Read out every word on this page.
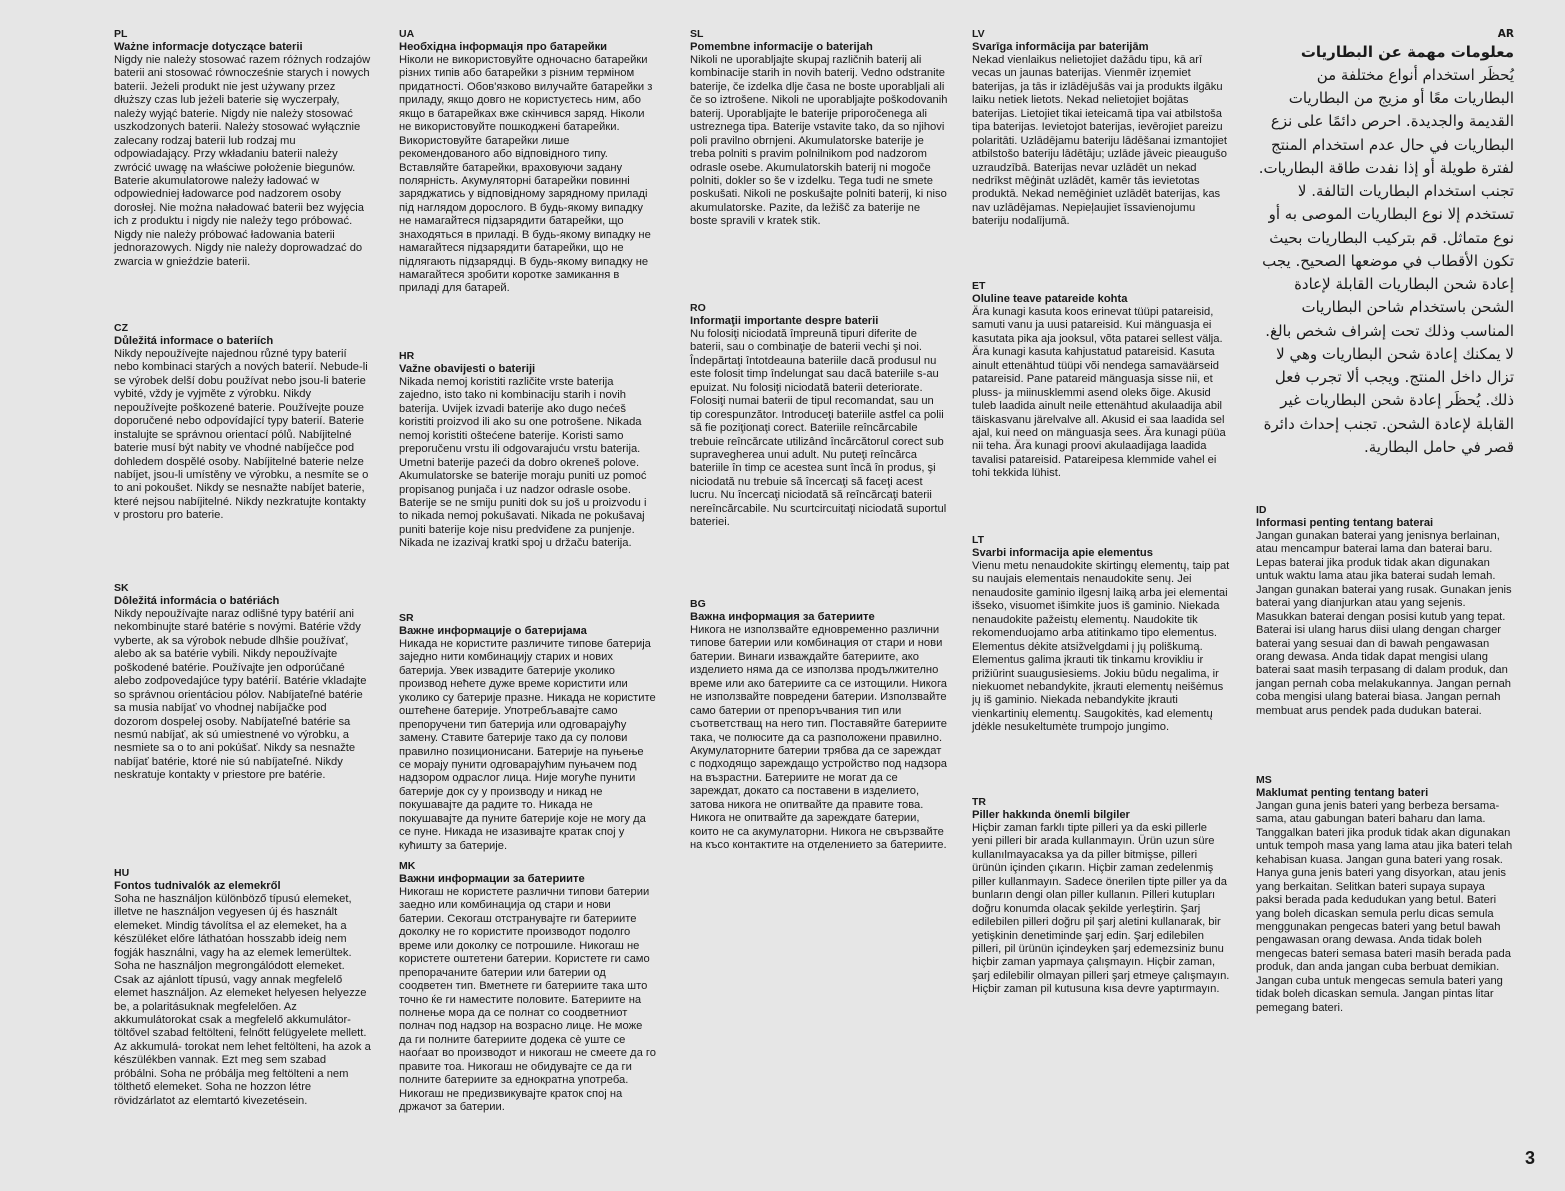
PL

Ważne informacje dotyczące baterii

Nigdy nie należy stosować razem różnych rodzajów baterii ani stosować równocześnie starych i nowych baterii. Jeżeli produkt nie jest używany przez dłuższy czas lub jeżeli baterie się wyczerpały, należy wyjąć baterie. Nigdy nie należy stosować uszkodzonych baterii. Należy stosować wyłącznie zalecany rodzaj baterii lub rodzaj mu odpowiadający. Przy wkładaniu baterii należy zwrócić uwagę na właściwe położenie biegunów. Baterie akumulatorowe należy ładować w odpowiedniej ładowarce pod nadzorem osoby dorosłej. Nie można naładować baterii bez wyjęcia ich z produktu i nigdy nie należy tego próbować. Nigdy nie należy próbować ładowania baterii jednorazowych. Nigdy nie należy doprowadzać do zwarcia w gnieździe baterii.

CZ

Důležitá informace o bateriích

Nikdy nepoužívejte najednou různé typy baterií nebo kombinaci starých a nových baterií. Nebude-li se výrobek delší dobu používat nebo jsou-li baterie vybité, vždy je vyjměte z výrobku. Nikdy nepoužívejte poškozené baterie. Používejte pouze doporučené nebo odpovídající typy baterií. Baterie instalujte se správnou orientací pólů. Nabíjitelné baterie musí být nabity ve vhodné nabíječce pod dohledem dospělé osoby. Nabíjitelné baterie nelze nabíjet, jsou-li umístěny ve výrobku, a nesmíte se o to ani pokoušet. Nikdy se nesnažte nabíjet baterie, které nejsou nabíjitelné. Nikdy nezkratujte kontakty v prostoru pro baterie.

SK

Dôležitá informácia o batériách

Nikdy nepoužívajte naraz odlišné typy batérií ani nekombinujte staré batérie s novými. Batérie vždy vyberte, ak sa výrobok nebude dlhšie používať, alebo ak sa batérie vybili. Nikdy nepoužívajte poškodené batérie. Používajte jen odporúčané alebo zodpovedajúce typy batérií. Batérie vkladajte so správnou orientáciou pólov. Nabíjateľné batérie sa musia nabíjať vo vhodnej nabíjačke pod dozorom dospelej osoby. Nabíjateľné batérie sa nesmú nabíjať, ak sú umiestnené vo výrobku, a nesmiete sa o to ani pokúšať. Nikdy sa nesnažte nabíjať batérie, ktoré nie sú nabíjateľné. Nikdy neskratuje kontakty v priestore pre batérie.

HU

Fontos tudnivalók az elemekről

Soha ne használjon különböző típusú elemeket, illetve ne használjon vegyesen új és használt elemeket. Mindig távolítsa el az elemeket, ha a készüléket előre láthatóan hosszabb ideig nem fogják használni, vagy ha az elemek lemerültek. Soha ne használjon megrongálódott elemeket. Csak az ajánlott típusú, vagy annak megfelelő elemet használjon. Az elemeket helyesen helyezze be, a polaritásuknak megfelelően. Az akkumulátorokat csak a megfelelő akkumulátor- töltővel szabad feltölteni, felnőtt felügyelete mellett. Az akkumulá- torokat nem lehet feltölteni, ha azok a készülékben vannak. Ezt meg sem szabad próbálni. Soha ne próbálja meg feltölteni a nem tölthető elemeket. Soha ne hozzon létre rövidzárlatot az elemtartó kivezetésein.

UA

Необхідна інформація про батарейки

Ніколи не використовуйте одночасно батарейки різних типів або батарейки з різним терміном придатності. Обов'язково вилучайте батарейки з приладу, якщо довго не користуєтесь ним, або якщо в батарейках вже скінчився заряд. Ніколи не використовуйте пошкоджені батарейки. Використовуйте батарейки лише рекомендованого або відповідного типу. Вставляйте батарейки, враховуючи задану полярність. Акумуляторні батарейки повинні заряджатись у відповідному зарядному приладі під наглядом дорослого. В будь-якому випадку не намагайтеся підзарядити батарейки, що знаходяться в приладі. В будь-якому випадку не намагайтеся підзарядити батарейки, що не підлягають підзарядці. В будь-якому випадку не намагайтеся зробити коротке замикання в приладі для батарей.

HR

Važne obavijesti o bateriji

Nikada nemoj koristiti različite vrste baterija zajedno, isto tako ni kombinaciju starih i novih baterija. Uvijek izvadi baterije ako dugo nećeš koristiti proizvod ili ako su one potrošene. Nikada nemoj koristiti oštećene baterije. Koristi samo preporučenu vrstu ili odgovarajuću vrstu baterija. Umetni baterije pazeći da dobro okreneš polove. Akumulatorske se baterije moraju puniti uz pomoć propisanog punjača i uz nadzor odrasle osobe. Baterije se ne smiju puniti dok su još u proizvodu i to nikada nemoj pokušavati. Nikada ne pokušavaj puniti baterije koje nisu predviđene za punjenje. Nikada ne izazivaj kratki spoj u držaču baterija.

SR

Важне информације о батеријама

Никада не користите различите типове батерија заједно нити комбинацију старих и нових батерија. Увек извадите батерије уколико производ нећете дуже време користити или уколико су батерије празне. Никада не користите оштећене батерије. Употребљавајте само препоручени тип батерија или одговарајућу замену. Ставите батерије тако да су полови правилно позиционисани. Батерије на пуњење се морају пунити одговарајућим пуњачем под надзором одраслог лица. Није могуће пунити батерије док су у производу и никад не покушавајте да радите то. Никада не покушавајте да пуните батерије које не могу да се пуне. Никада не изазивајте кратак спој у кућишту за батерије.

MK

Важни информации за батериите

Никогаш не користете различни типови батерии заедно или комбинација од стари и нови батерии. Секогаш отстранувајте ги батериите доколку не го користите производот подолго време или доколку се потрошиле. Никогаш не користете оштетени батерии. Користете ги само препорачаните батерии или батерии од соодветен тип. Вметнете ги батериите така што точно ќе ги наместите половите. Батериите на полнење мора да се полнат со соодветниот полнач под надзор на возрасно лице. Не може да ги полните батериите додека сè уште се наоѓаат во производот и никогаш не смеете да го правите тоа. Никогаш не обидувајте се да ги полните батериите за еднократна употреба. Никогаш не предизвикувајте краток спој на држачот за батерии.

SL

Pomembne informacije o baterijah

Nikoli ne uporabljajte skupaj različnih baterij ali kombinacije starih in novih baterij. Vedno odstranite baterije, če izdelka dlje časa ne boste uporabljali ali če so iztrošene. Nikoli ne uporabljajte poškodovanih baterij. Uporabljajte le baterije priporočenega ali ustreznega tipa. Baterije vstavite tako, da so njihovi poli pravilno obrnjeni. Akumulatorske baterije je treba polniti s pravim polnilnikom pod nadzorom odrasle osebe. Akumulatorskih baterij ni mogoče polniti, dokler so še v izdelku. Tega tudi ne smete poskušati. Nikoli ne poskušajte polniti baterij, ki niso akumulatorske. Pazite, da ležišč za baterije ne boste spravili v kratek stik.

RO

Informaţii importante despre baterii

Nu folosiţi niciodată împreună tipuri diferite de baterii, sau o combinaţie de baterii vechi şi noi. Îndepărtaţi întotdeauna bateriile dacă produsul nu este folosit timp îndelungat sau dacă bateriile s-au epuizat. Nu folosiţi niciodată baterii deteriorate. Folosiţi numai baterii de tipul recomandat, sau un tip corespunzător. Introduceţi bateriile astfel ca polii să fie poziţionaţi corect. Bateriile reîncărcabile trebuie reîncărcate utilizând încărcătorul corect sub supravegherea unui adult. Nu puteţi reîncărca bateriile în timp ce acestea sunt încă în produs, şi niciodată nu trebuie să încercaţi să faceţi acest lucru. Nu încercaţi niciodată să reîncărcaţi baterii nereîncărcabile. Nu scurtcircuitaţi niciodată suportul bateriei.

BG

Важна информация за батериите

Никога не използвайте едновременно различни типове батерии или комбинация от стари и нови батерии. Винаги изваждайте батериите, ако изделието няма да се използва продължително време или ако батериите са се изтощили. Никога не използвайте повредени батерии. Използвайте само батерии от препоръчвания тип или съответстващ на него тип. Поставяйте батериите така, че полюсите да са разположени правилно. Акумулаторните батерии трябва да се зареждат с подходящо зареждащо устройство под надзора на възрастни. Батериите не могат да се зареждат, докато са поставени в изделието, затова никога не опитвайте да правите това. Никога не опитвайте да зареждате батерии, които не са акумулаторни. Никога не свързвайте на късо контактите на отделението за батериите.

LV

Svarīga informācija par baterijām

Nekad vienlaikus nelietojiet dažādu tipu, kā arī vecas un jaunas baterijas. Vienmēr izņemiet baterijas, ja tās ir izlādējušās vai ja produkts ilgāku laiku netiek lietots. Nekad nelietojiet bojātas baterijas. Lietojiet tikai ieteicamā tipa vai atbilstoša tipa baterijas. Ievietojot baterijas, ievērojiet pareizu polaritāti. Uzlādējamu bateriju lādēšanai izmantojiet atbilstošo bateriju lādētāju; uzlāde jāveic pieaugušo uzraudzībā. Baterijas nevar uzlādēt un nekad nedrīkst mēģināt uzlādēt, kamēr tās ievietotas produktā. Nekad nemēģiniet uzlādēt baterijas, kas nav uzlādējamas. Nepieļaujiet īssavienojumu bateriju nodalījumā.

ET

Oluline teave patareide kohta

Ära kunagi kasuta koos erinevat tüüpi patareisid, samuti vanu ja uusi patareisid. Kui mänguasja ei kasutata pika aja jooksul, võta patarei sellest välja. Ära kunagi kasuta kahjustatud patareisid. Kasuta ainult ettenähtud tüüpi või nendega samaväärseid patareisid. Pane patareid mänguasja sisse nii, et pluss- ja miinusklemmi asend oleks õige. Akusid tuleb laadida ainult neile ettenähtud akulaadija abil täiskasvanu järelvalve all. Akusid ei saa laadida sel ajal, kui need on mänguasja sees. Ära kunagi püüa nii teha. Ära kunagi proovi akulaadijaga laadida tavalisi patareisid. Patareipesa klemmide vahel ei tohi tekkida lühist.

LT

Svarbi informacija apie elementus

Vienu metu nenaudokite skirtingų elementų, taip pat su naujais elementais nenaudokite senų. Jei nenaudosite gaminio ilgesnį laiką arba jei elementai išseko, visuomet išimkite juos iš gaminio. Niekada nenaudokite pažeistų elementų. Naudokite tik rekomenduojamo arba atitinkamo tipo elementus. Elementus dėkite atsižvelgdami į jų poliškumą. Elementus galima įkrauti tik tinkamu krovikliu ir prižiūrint suaugusiesiems. Jokiu būdu negalima, ir niekuomet nebandykite, įkrauti elementų neišėmus jų iš gaminio. Niekada nebandykite įkrauti vienkartinių elementų. Saugokitės, kad elementų jdėkle nesukeltumėte trumpojo jungimo.

TR

Piller hakkında önemli bilgiler

Hiçbir zaman farklı tipte pilleri ya da eski pillerle yeni pilleri bir arada kullanmayın. Ürün uzun süre kullanılmayacaksa ya da piller bitmişse, pilleri ürünün içinden çıkarın. Hiçbir zaman zedelenmiş piller kullanmayın. Sadece önerilen tipte piller ya da bunların dengi olan piller kullanın. Pilleri kutupları doğru konumda olacak şekilde yerleştirin. Şarj edilebilen pilleri doğru pil şarj aletini kullanarak, bir yetişkinin denetiminde şarj edin. Şarj edilebilen pilleri, pil ürünün içindeyken şarj edemezsiniz bunu hiçbir zaman yapmaya çalışmayın. Hiçbir zaman, şarj edilebilir olmayan pilleri şarj etmeye çalışmayın. Hiçbir zaman pil kutusuna kısa devre yaptırmayın.

AR

معلومات مهمة عن البطاريات

يُحظَر استخدام أنواع مختلفة من البطاريات معًا أو مزيج من البطاريات القديمة والجديدة. احرص دائمًا على نزع البطاريات في حال عدم استخدام المنتج لفترة طويلة أو إذا نفدت طاقة البطاريات. تجنب استخدام البطاريات التالفة. لا تستخدم إلا نوع البطاريات الموصى به أو نوع متماثل. قم بتركيب البطاريات بحيث تكون الأقطاب في موضعها الصحيح. يجب إعادة شحن البطاريات القابلة لإعادة الشحن باستخدام شاحن البطاريات المناسب وذلك تحت إشراف شخص بالغ. لا يمكنك إعادة شحن البطاريات وهي لا تزال داخل المنتج. ويجب ألا تجرب فعل ذلك. يُحظَر إعادة شحن البطاريات غير القابلة لإعادة الشحن. تجنب إحداث دائرة قصر في حامل البطارية.

ID

Informasi penting tentang baterai

Jangan gunakan baterai yang jenisnya berlainan, atau mencampur baterai lama dan baterai baru. Lepas baterai jika produk tidak akan digunakan untuk waktu lama atau jika baterai sudah lemah. Jangan gunakan baterai yang rusak. Gunakan jenis baterai yang dianjurkan atau yang sejenis. Masukkan baterai dengan posisi kutub yang tepat. Baterai isi ulang harus diisi ulang dengan charger baterai yang sesuai dan di bawah pengawasan orang dewasa. Anda tidak dapat mengisi ulang baterai saat masih terpasang di dalam produk, dan jangan pernah coba melakukannya. Jangan pernah coba mengisi ulang baterai biasa. Jangan pernah membuat arus pendek pada dudukan baterai.

MS

Maklumat penting tentang bateri

Jangan guna jenis bateri yang berbeza bersama-sama, atau gabungan bateri baharu dan lama. Tanggalkan bateri jika produk tidak akan digunakan untuk tempoh masa yang lama atau jika bateri telah kehabisan kuasa. Jangan guna bateri yang rosak. Hanya guna jenis bateri yang disyorkan, atau jenis yang berkaitan. Selitkan bateri supaya supaya paksi berada pada kedudukan yang betul. Bateri yang boleh dicaskan semula perlu dicas semula menggunakan pengecas bateri yang betul bawah pengawasan orang dewasa. Anda tidak boleh mengecas bateri semasa bateri masih berada pada produk, dan anda jangan cuba berbuat demikian. Jangan cuba untuk mengecas semula bateri yang tidak boleh dicaskan semula. Jangan pintas litar pemegang bateri.

3
